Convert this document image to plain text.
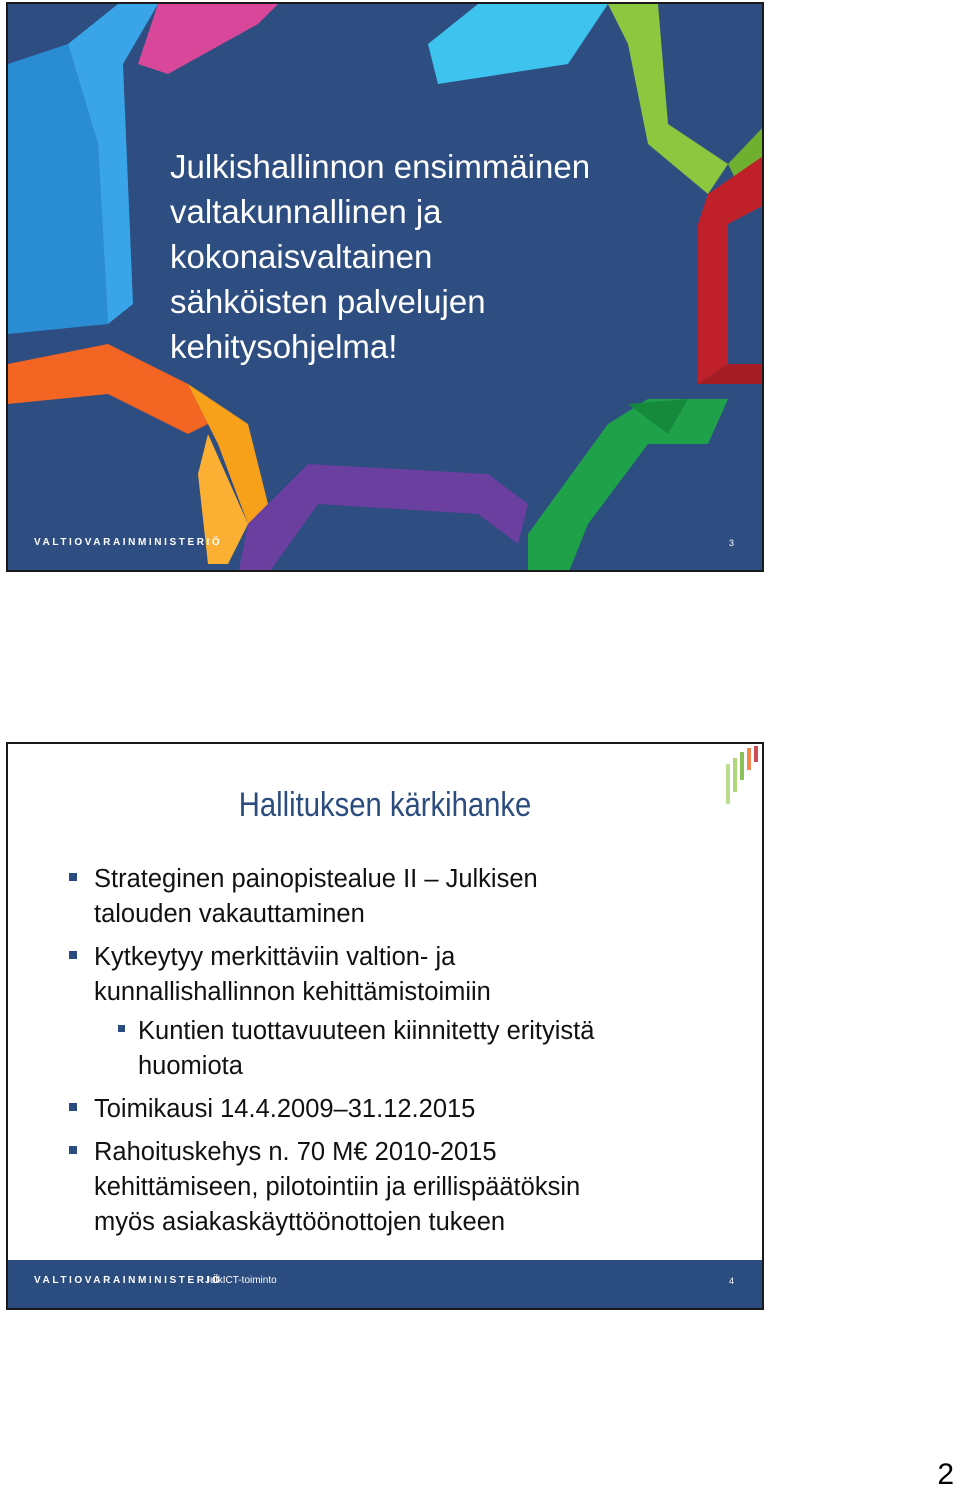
Julkishallinnon ensimmäinen
valtakunnallinen ja
kokonaisvaltainen
sähköisten palvelujen
kehitysohjelma!
VALTIOVARAINMINISTERIÖ	3
Hallituksen kärkihanke
Strateginen painopistealue II – Julkisen
talouden vakauttaminen
Kytkeytyy merkittäviin valtion- ja
kunnallishallinnon kehittämistoimiin
Kuntien tuottavuuteen kiinnitetty erityistä
huomiota
Toimikausi 14.4.2009–31.12.2015
Rahoituskehys n. 70 M€ 2010-2015
kehittämiseen, pilotointiin ja erillispäätöksin
myös asiakaskäyttöönottojen tukeen
VALTIOVARAINMINISTERIÖ
JulkICT-toiminto	4
2
